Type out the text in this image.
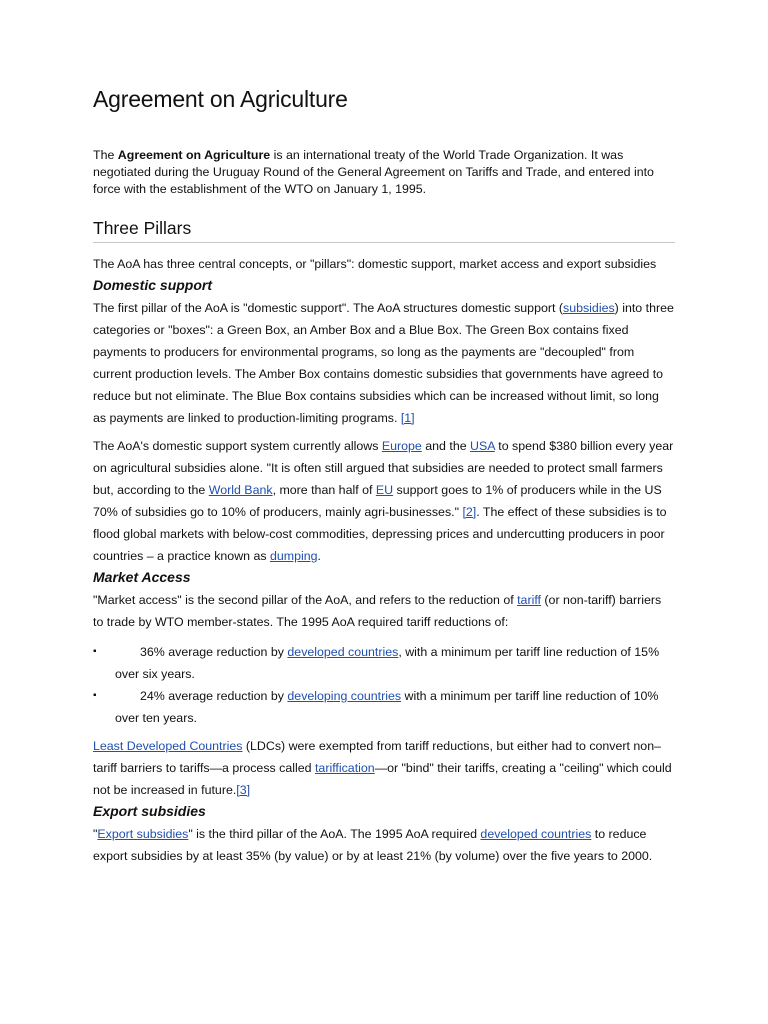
Agreement on Agriculture

The Agreement on Agriculture is an international treaty of the World Trade Organization. It was negotiated during the Uruguay Round of the General Agreement on Tariffs and Trade, and entered into force with the establishment of the WTO on January 1, 1995.

Three Pillars

The AoA has three central concepts, or "pillars": domestic support, market access and export subsidies

Domestic support

The first pillar of the AoA is "domestic support". The AoA structures domestic support (subsidies) into three categories or "boxes": a Green Box, an Amber Box and a Blue Box. The Green Box contains fixed payments to producers for environmental programs, so long as the payments are "decoupled" from current production levels. The Amber Box contains domestic subsidies that governments have agreed to reduce but not eliminate. The Blue Box contains subsidies which can be increased without limit, so long as payments are linked to production-limiting programs. [1]

The AoA's domestic support system currently allows Europe and the USA to spend $380 billion every year on agricultural subsidies alone. "It is often still argued that subsidies are needed to protect small farmers but, according to the World Bank, more than half of EU support goes to 1% of producers while in the US 70% of subsidies go to 10% of producers, mainly agri-businesses." [2]. The effect of these subsidies is to flood global markets with below-cost commodities, depressing prices and undercutting producers in poor countries – a practice known as dumping.

Market Access

"Market access" is the second pillar of the AoA, and refers to the reduction of tariff (or non-tariff) barriers to trade by WTO member-states. The 1995 AoA required tariff reductions of:

▪	36% average reduction by developed countries, with a minimum per tariff line reduction of 15% over six years.
▪	24% average reduction by developing countries with a minimum per tariff line reduction of 10% over ten years.

Least Developed Countries (LDCs) were exempted from tariff reductions, but either had to convert non–tariff barriers to tariffs—a process called tariffication—or "bind" their tariffs, creating a "ceiling" which could not be increased in future.[3]

Export subsidies

"Export subsidies" is the third pillar of the AoA. The 1995 AoA required developed countries to reduce export subsidies by at least 35% (by value) or by at least 21% (by volume) over the five years to 2000.
